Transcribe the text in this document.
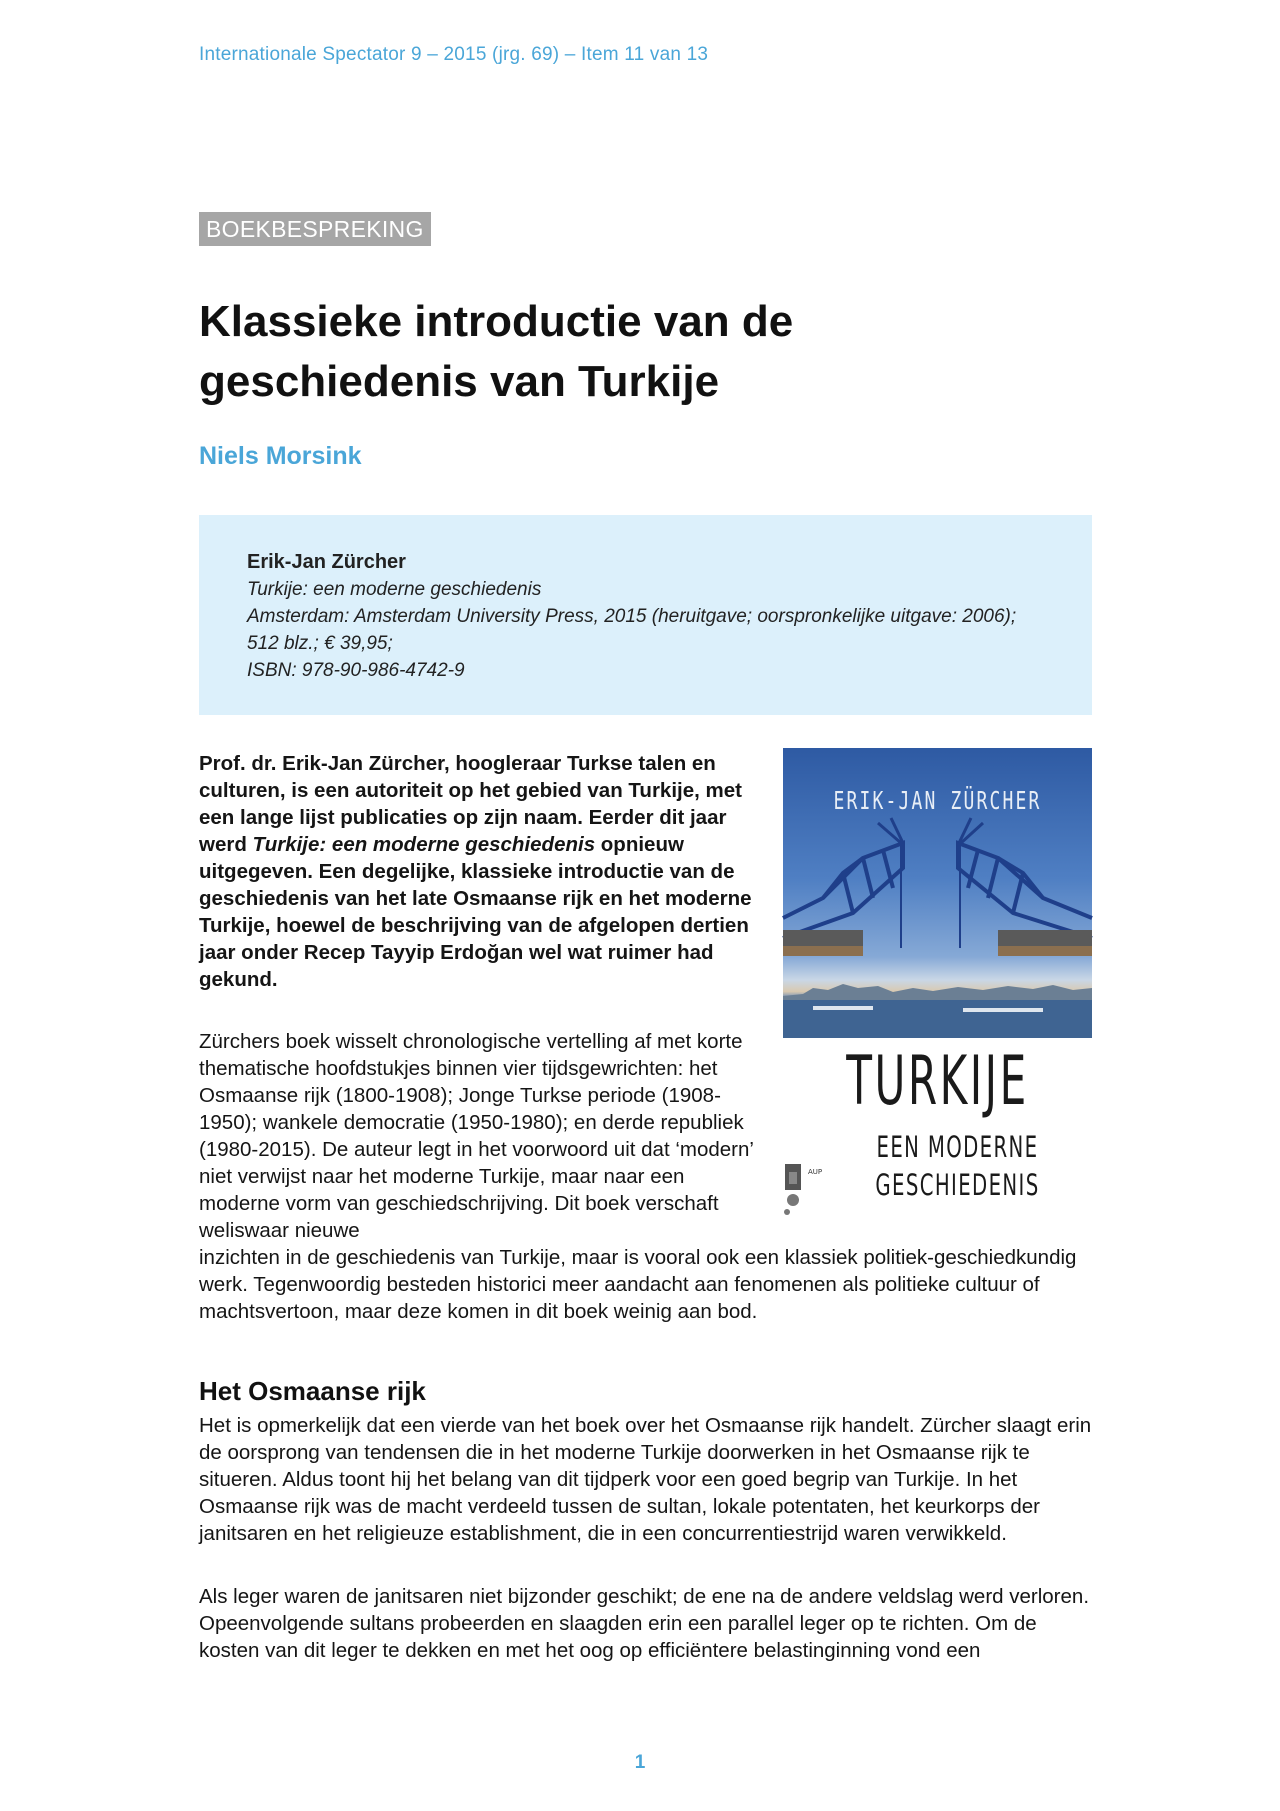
Internationale Spectator 9 – 2015 (jrg. 69) – Item 11 van 13
BOEKBESPREKING
Klassieke introductie van de geschiedenis van Turkije
Niels Morsink
Erik-Jan Zürcher
Turkije: een moderne geschiedenis
Amsterdam: Amsterdam University Press, 2015 (heruitgave; oorspronkelijke uitgave: 2006); 512 blz.; € 39,95;
ISBN: 978-90-986-4742-9
ERIK-JAN ZÜRCHER
TURKIJE
EEN MODERNE
GESCHIEDENIS
AUP

Prof. dr. Erik-Jan Zürcher, hoogleraar Turkse talen en culturen, is een autoriteit op het gebied van Turkije, met een lange lijst publicaties op zijn naam. Eerder dit jaar werd Turkije: een moderne geschiedenis opnieuw uitgegeven. Een degelijke, klassieke introductie van de geschiedenis van het late Osmaanse rijk en het moderne Turkije, hoewel de beschrijving van de afgelopen dertien jaar onder Recep Tayyip Erdoğan wel wat ruimer had gekund.

Zürchers boek wisselt chronologische vertelling af met korte thematische hoofdstukjes binnen vier tijdsgewrichten: het Osmaanse rijk (1800-1908); Jonge Turkse periode (1908-1950); wankele democratie (1950-1980); en derde republiek (1980-2015). De auteur legt in het voorwoord uit dat ‘modern’ niet verwijst naar het moderne Turkije, maar naar een moderne vorm van geschiedschrijving. Dit boek verschaft weliswaar nieuwe

inzichten in de geschiedenis van Turkije, maar is vooral ook een klassiek politiek-geschiedkundig werk. Tegenwoordig besteden historici meer aandacht aan fenomenen als politieke cultuur of machtsvertoon, maar deze komen in dit boek weinig aan bod.

Het Osmaanse rijk

Het is opmerkelijk dat een vierde van het boek over het Osmaanse rijk handelt. Zürcher slaagt erin de oorsprong van tendensen die in het moderne Turkije doorwerken in het Osmaanse rijk te situeren. Aldus toont hij het belang van dit tijdperk voor een goed begrip van Turkije. In het Osmaanse rijk was de macht verdeeld tussen de sultan, lokale potentaten, het keurkorps der janitsaren en het religieuze establishment, die in een concurrentiestrijd waren verwikkeld.

Als leger waren de janitsaren niet bijzonder geschikt; de ene na de andere veldslag werd verloren. Opeenvolgende sultans probeerden en slaagden erin een parallel leger op te richten. Om de kosten van dit leger te dekken en met het oog op efficiëntere belastinginning vond een

1
